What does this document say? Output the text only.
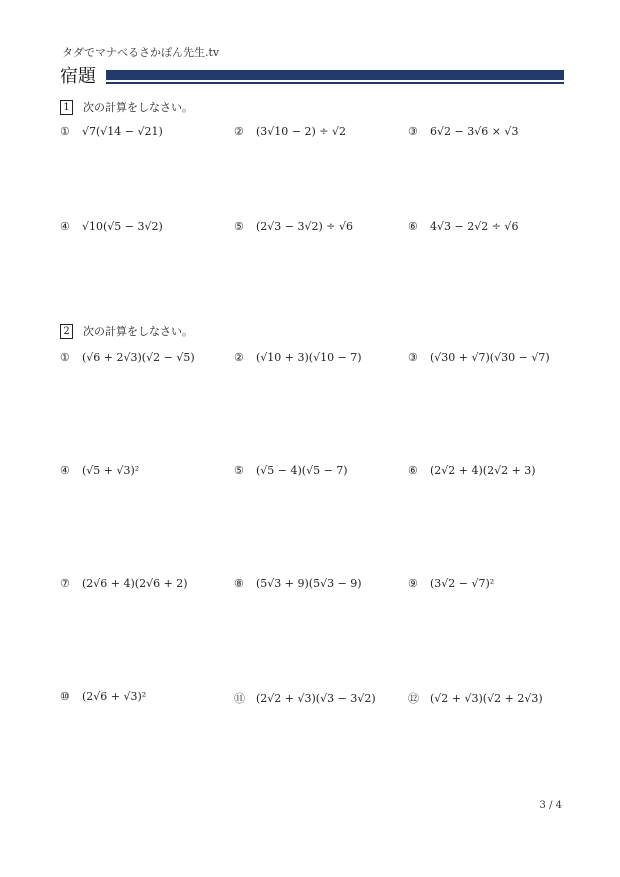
タダでマナべるさかぽん先生.tv
宿題
1 次の計算をしなさい。
① √7(√14 − √21)	② (3√10 − 2) ÷ √2	③ 6√2 − 3√6 × √3
④ √10(√5 − 3√2)	⑤ (2√3 − 3√2) ÷ √6	⑥ 4√3 − 2√2 ÷ √6
2 次の計算をしなさい。
① (√6 + 2√3)(√2 − √5)	② (√10 + 3)(√10 − 7)	③ (√30 + √7)(√30 − √7)
④ (√5 + √3)²	⑤ (√5 − 4)(√5 − 7)	⑥ (2√2 + 4)(2√2 + 3)
⑦ (2√6 + 4)(2√6 + 2)	⑧ (5√3 + 9)(5√3 − 9)	⑨ (3√2 − √7)²
⑩ (2√6 + √3)²	⑪ (2√2 + √3)(√3 − 3√2)	⑫ (√2 + √3)(√2 + 2√3)
3 / 4
